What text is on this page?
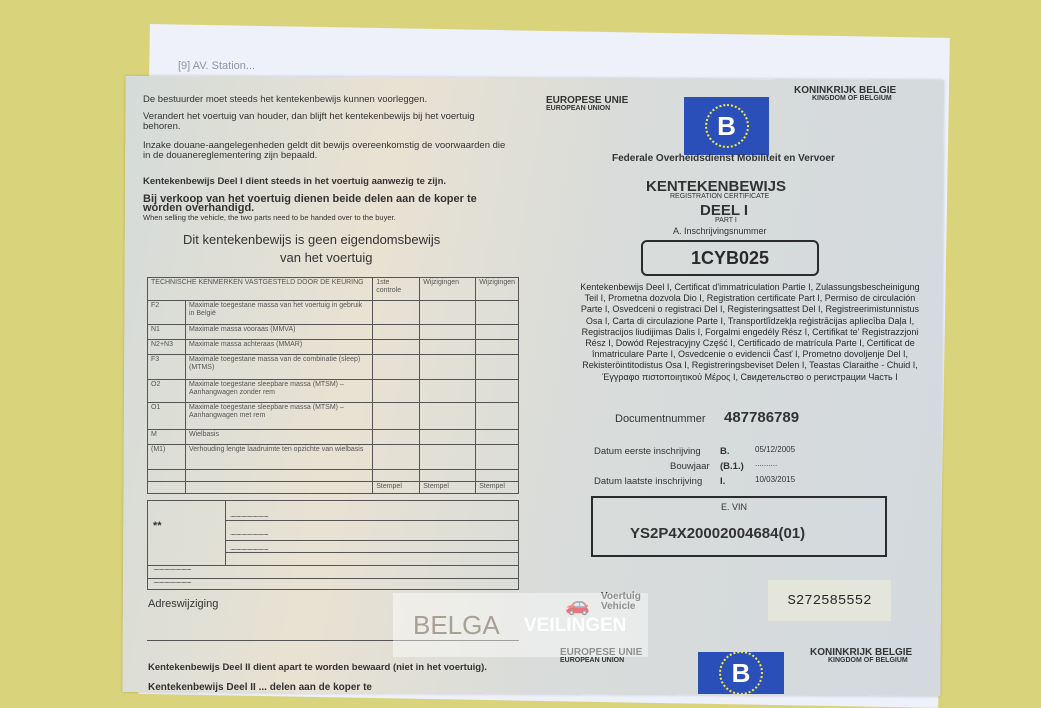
[9] AV. Station...
De bestuurder moet steeds het kentekenbewijs kunnen voorleggen.
Verandert het voertuig van houder, dan blijft het kentekenbewijs bij het voertuig
behoren.
Inzake douane-aangelegenheden geldt dit bewijs overeenkomstig de voorwaarden die
in de douanereglementering zijn bepaald.
Kentekenbewijs Deel I dient steeds in het voertuig aanwezig te zijn.
Bij verkoop van het voertuig dienen beide delen aan de koper te
worden overhandigd.
When selling the vehicle, the two parts need to be handed over to the buyer.
Dit kentekenbewijs is geen eigendomsbewijs
van het voertuig
TECHNISCHE KENMERKEN VASTGESTELD DOOR DE KEURING		1ste controle	Wijzigingen	Wijzigingen
F2	Maximale toegestane massa van het voertuig in gebruik in België			
N1	Maximale massa vooraas (MMVA)			
N2+N3	Maximale massa achteraas (MMAR)			
F3	Maximale toegestane massa van de combinatie (sleep) (MTMS)			
O2	Maximale toegestane sleepbare massa (MTSM) – Aanhangwagen zonder rem			
O1	Maximale toegestane sleepbare massa (MTSM) – Aanhangwagen met rem			
M	Wielbasis			
(M1)	Verhouding lengte laadruimte ten opzichte van wielbasis			

		Stempel	Stempel	Stempel
**
...............................
...............................
...............................
...............................
...............................
Adreswijziging
Kentekenbewijs Deel II dient apart te worden bewaard (niet in het voertuig).
Kentekenbewijs Deel II ... delen aan de koper te
EUROPESE UNIE
EUROPEAN UNION
B
KONINKRIJK BELGIE
KINGDOM OF BELGIUM
Federale Overheidsdienst Mobiliteit en Vervoer
KENTEKENBEWIJS
REGISTRATION CERTIFICATE
DEEL I
PART I
A. Inschrijvingsnummer
1CYB025
Kentekenbewijs Deel I, Certificat d'immatriculation Partie I, Zulassungsbescheinigung Teil I, Prometna dozvola Dio I, Registration certificate Part I, Permiso de circulación Parte I, Osvedceni o registraci Del I, Registeringsattest Del I, Registreerimistunnistus Osa I, Carta di circulazione Parte I, Transportlīdzekļa reģistrācijas apliecība Daļa I, Registracijos liudijimas Dalis I, Forgalmi engedély Rész I, Certifikat te' Registrazzjoni Rész I, Dowód Rejestracyjny Część I, Certificado de matrícula Parte I, Certificat de înmatriculare Parte I, Osvedcenie o evidencii Časť I, Prometno dovoljenje Del I, Rekisteröintitodistus Osa I, Registreringsbeviset Delen I, Teastas Claraithe - Chuid I, Έγγραφο πιστοποιητικού Μέρος I, Свидетельство о регистрации Часть I
Documentnummer 487786789
Datum eerste inschrijving B.	05/12/2005
Bouwjaar (B.1.) ..........
Datum laatste inschrijving I.	10/03/2015
E. VIN
YS2P4X20002004684(01)
🚗 Voertuig
Vehicle	S272585552
EUROPESE UNIE
EUROPEAN UNION	B
KONINKRIJK BELGIE
KINGDOM OF BELGIUM
BELGA VEILINGEN
